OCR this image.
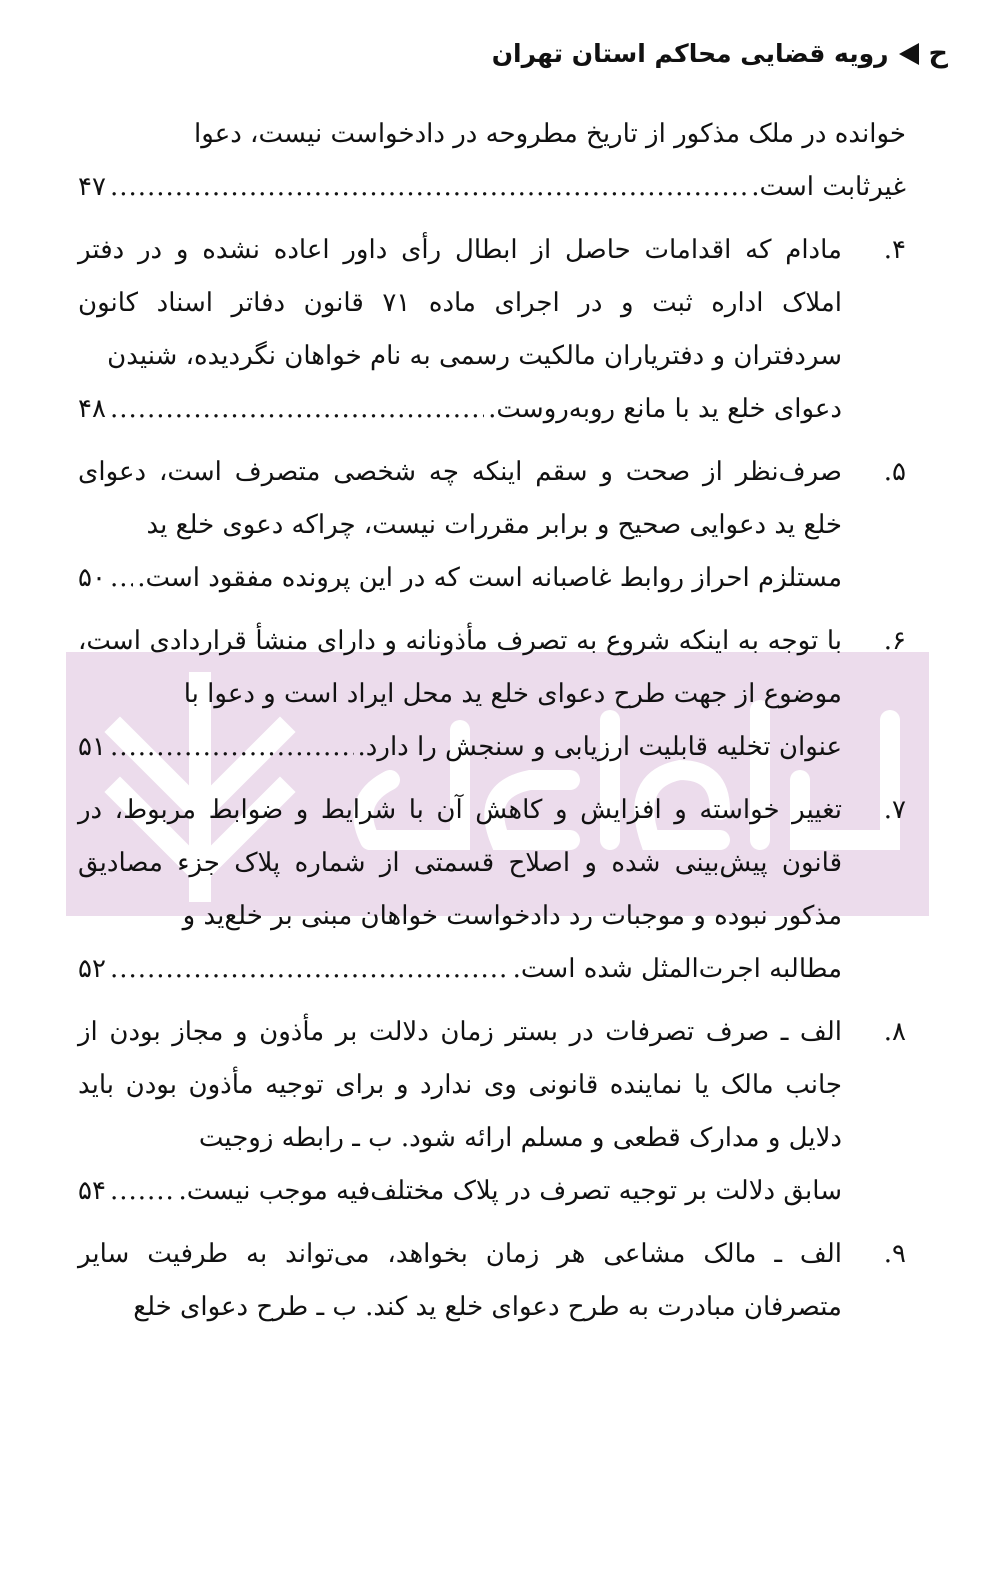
ح
رویه قضایی محاکم استان تهران
خوانده در ملک مذکور از تاریخ مطروحه در دادخواست نیست، دعوا
غیرثابت است.
.....
۴۷
۴.
مادام که اقدامات حاصل از ابطال رأی داور اعاده نشده و در دفتر املاک اداره ثبت و در اجرای ماده ۷۱ قانون دفاتر اسناد کانون سردفتران و دفتریاران مالکیت رسمی به نام خواهان نگردیده، شنیدن
دعوای خلع ید با مانع روبه‌روست.
.....
۴۸
۵.
صرف‌نظر از صحت و سقم اینکه چه شخصی متصرف است، دعوای خلع ید دعوایی صحیح و برابر مقررات نیست، چراکه دعوی خلع ید
مستلزم احراز روابط غاصبانه است که در این پرونده مفقود است.
.....
۵۰
۶.
با توجه به اینکه شروع به تصرف مأذونانه و دارای منشأ قراردادی است، موضوع از جهت طرح دعوای خلع ید محل ایراد است و دعوا با
عنوان تخلیه قابلیت ارزیابی و سنجش را دارد.
.....
۵۱
۷.
تغییر خواسته و افزایش و کاهش آن با شرایط و ضوابط مربوط، در قانون پیش‌بینی شده و اصلاح قسمتی از شماره پلاک جزء مصادیق مذکور نبوده و موجبات رد دادخواست خواهان مبنی بر خلع‌ید و
مطالبه اجرت‌المثل شده است.
.....
۵۲
۸.
الف ـ صرف تصرفات در بستر زمان دلالت بر مأذون و مجاز بودن از جانب مالک یا نماینده قانونی وی ندارد و برای توجیه مأذون بودن باید دلایل و مدارک قطعی و مسلم ارائه شود. ب ـ رابطه زوجیت
سابق دلالت بر توجیه تصرف در پلاک مختلف‌فیه موجب نیست.
.....
۵۴
۹.
الف ـ مالک مشاعی هر زمان بخواهد، می‌تواند به طرفیت سایر متصرفان مبادرت به طرح دعوای خلع ید کند. ب ـ طرح دعوای خلع
